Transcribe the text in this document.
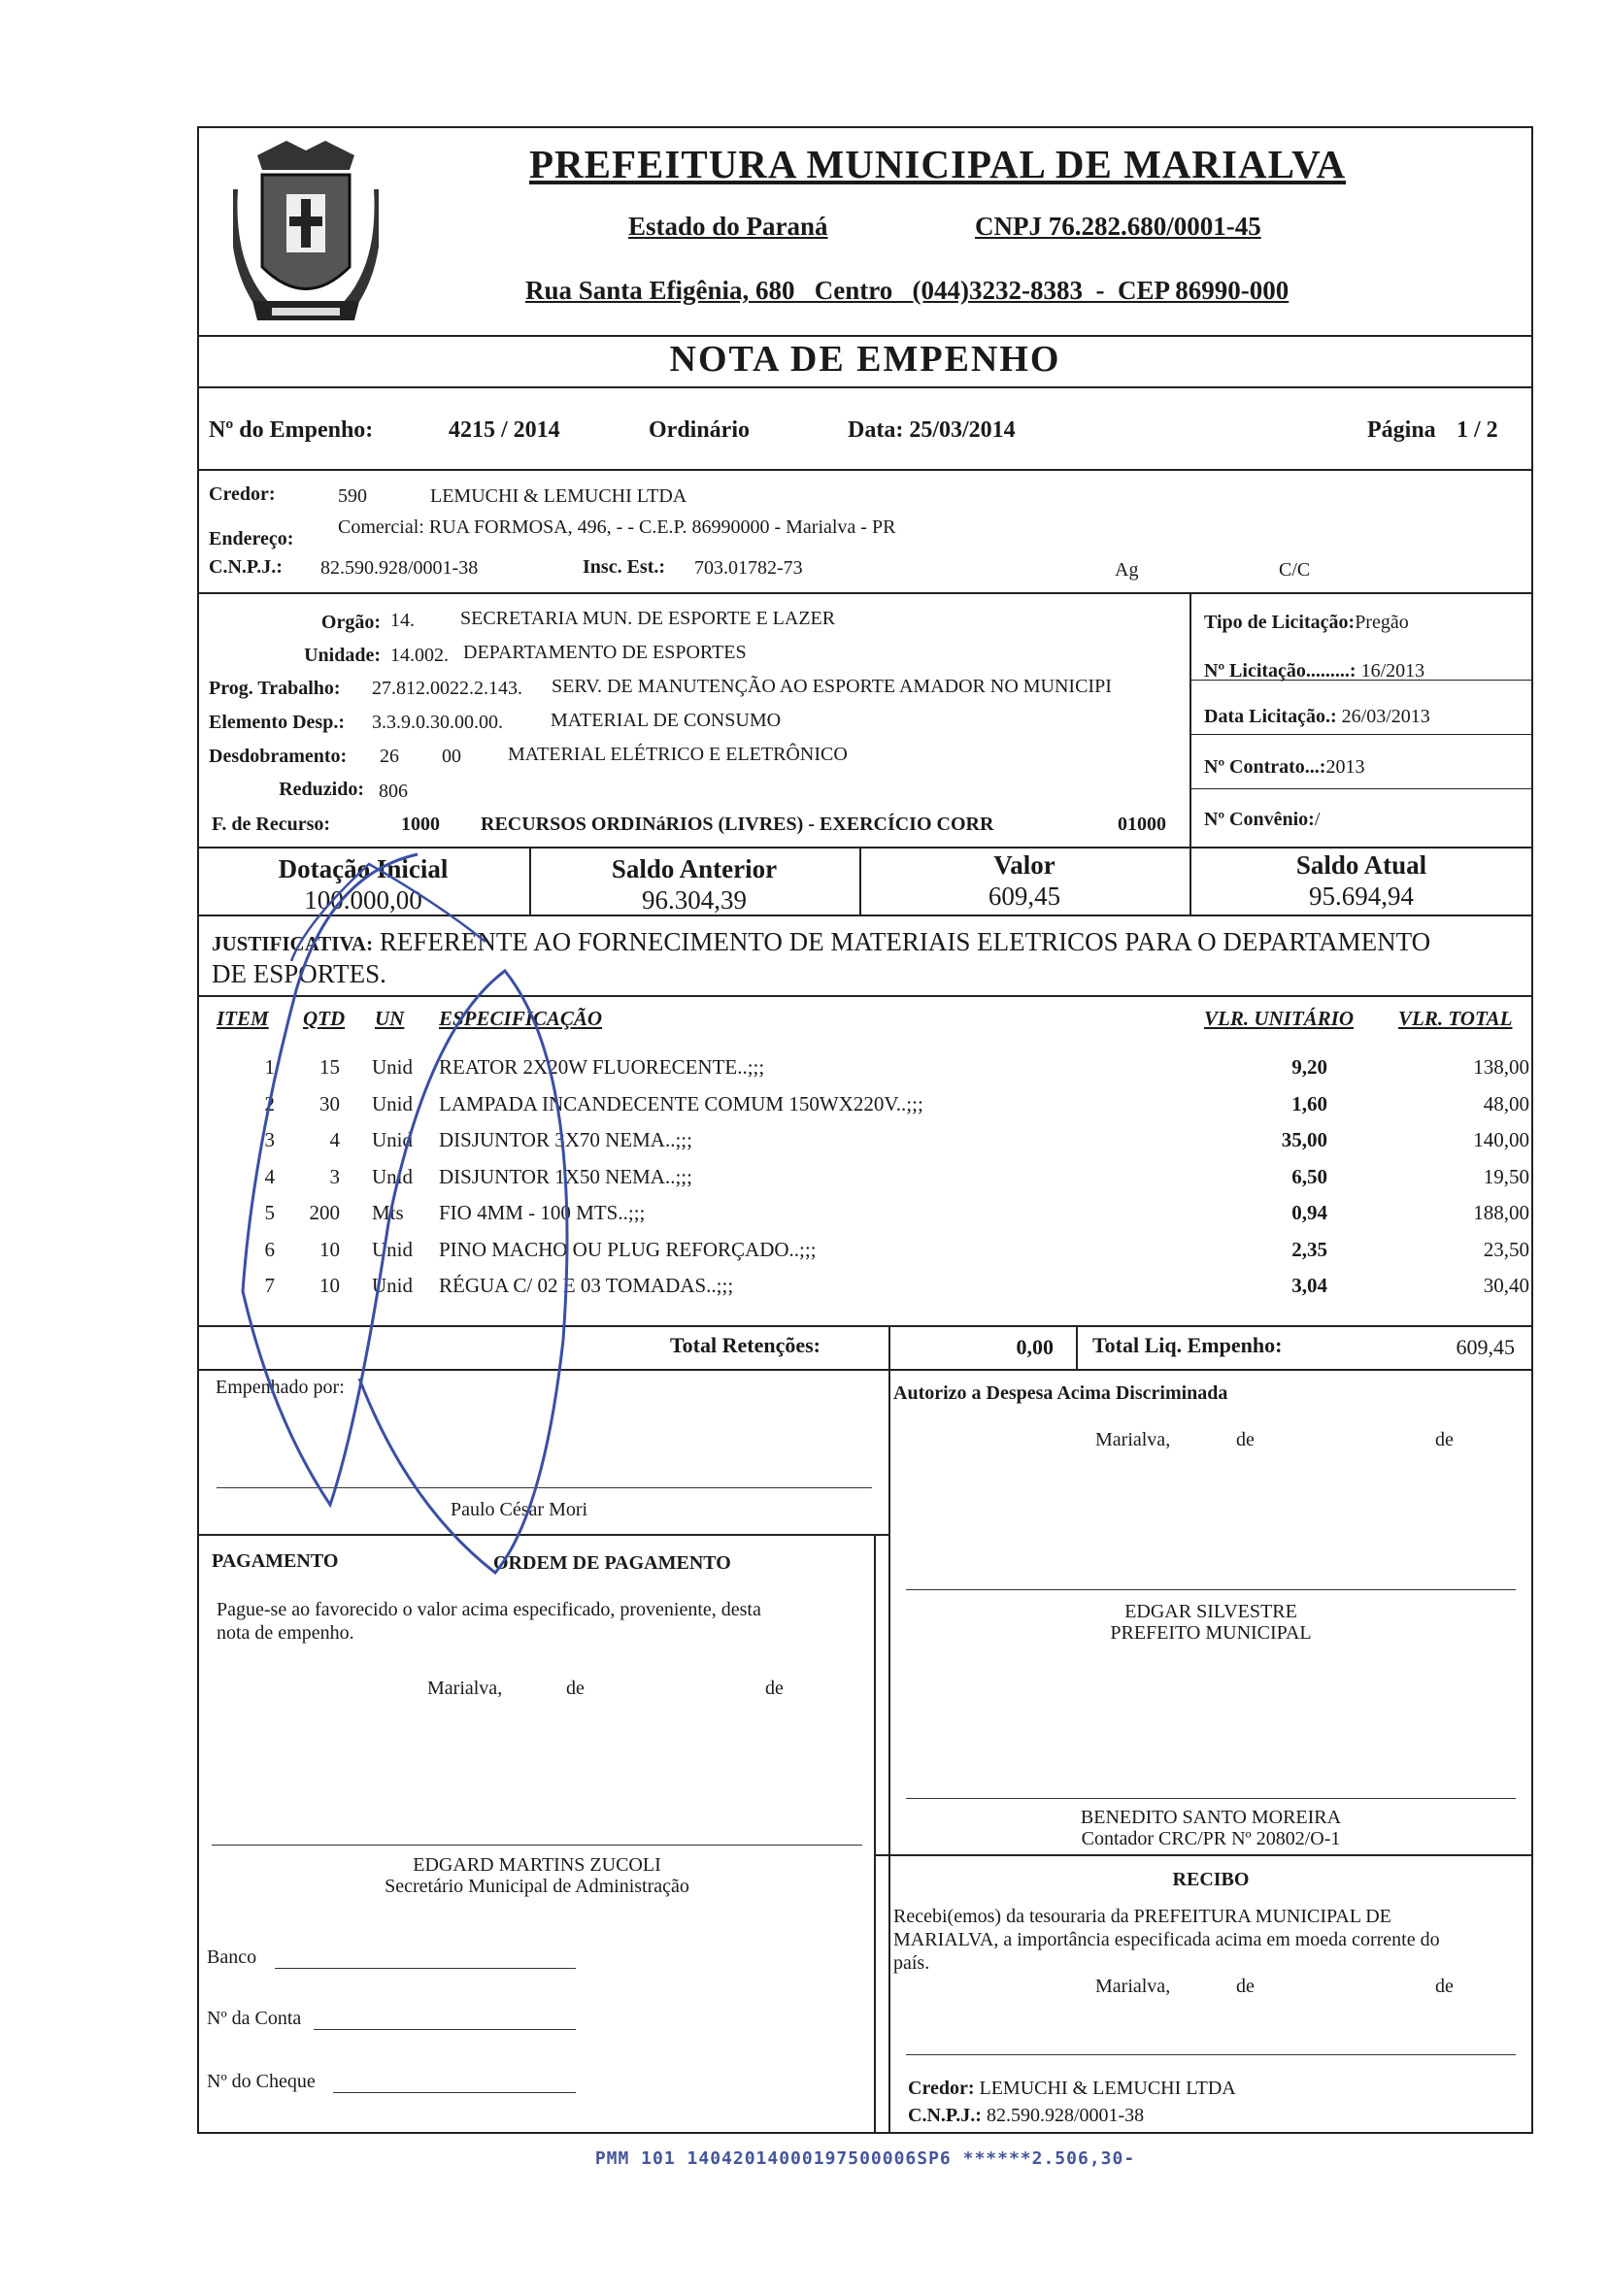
PREFEITURA MUNICIPAL DE MARIALVA
Estado do Paraná	CNPJ 76.282.680/0001-45
Rua Santa Efigênia, 680   Centro   (044)3232-8383  -  CEP 86990-000
NOTA DE EMPENHO
Nº do Empenho:	4215 / 2014	Ordinário	Data: 25/03/2014	Página 1 / 2
Credor:	590	LEMUCHI & LEMUCHI LTDA
Endereço:
Comercial: RUA FORMOSA, 496, - - C.E.P. 86990000 - Marialva - PR
C.N.P.J.: 82.590.928/0001-38	Insc. Est.: 703.01782-73	Ag	C/C
Orgão: 14. SECRETARIA MUN. DE ESPORTE E LAZER
Unidade: 14.002. DEPARTAMENTO DE ESPORTES
Prog. Trabalho: 27.812.0022.2.143. SERV. DE MANUTENÇÃO AO ESPORTE AMADOR NO MUNICIPI
Elemento Desp.: 3.3.9.0.30.00.00. MATERIAL DE CONSUMO
Desdobramento: 26 00 MATERIAL ELÉTRICO E ELETRÔNICO
Reduzido: 806
F. de Recurso:	1000 RECURSOS ORDINáRIOS (LIVRES) - EXERCÍCIO CORR	01000
Tipo de Licitação:Pregão
Nº Licitação.........: 16/2013
Data Licitação.: 26/03/2013
Nº Contrato...:2013
Nº Convênio:/
Dotação Inicial
100.000,00
Saldo Anterior
96.304,39
Valor
609,45
Saldo Atual
95.694,94
JUSTIFICATIVA: REFERENTE AO FORNECIMENTO DE MATERIAIS ELETRICOS PARA O DEPARTAMENTO
DE ESPORTES.
ITEM QTD UN ESPECIFICAÇÃO	VLR. UNITÁRIO VLR. TOTAL
1	15 Unid	REATOR 2X20W FLUORECENTE..;;;	9,20	138,00
2	30 Unid	LAMPADA INCANDECENTE COMUM 150WX220V..;;;	1,60	48,00
3	4 Unid	DISJUNTOR 3X70 NEMA..;;;	35,00	140,00
4	3 Unid	DISJUNTOR 1X50 NEMA..;;;	6,50	19,50
5	200 Mts	FIO 4MM - 100 MTS..;;;	0,94	188,00
6	10 Unid	PINO MACHO OU PLUG REFORÇADO..;;;	2,35	23,50
7	10 Unid	RÉGUA C/ 02 E 03 TOMADAS..;;;	3,04	30,40
Total Retenções:	0,00 Total Liq. Empenho:	609,45
Empenhado por:
Paulo César Mori
PAGAMENTO	ORDEM DE PAGAMENTO
Pague-se ao favorecido o valor acima especificado, proveniente, desta
nota de empenho.
Marialva,	de	de
EDGARD MARTINS ZUCOLI
Secretário Municipal de Administração
Banco
Nº da Conta
Nº do Cheque
Autorizo a Despesa Acima Discriminada
Marialva,	de	de
EDGAR SILVESTRE
PREFEITO MUNICIPAL
BENEDITO SANTO MOREIRA
Contador CRC/PR Nº 20802/O-1
RECIBO
Recebi(emos) da tesouraria da PREFEITURA MUNICIPAL DE
MARIALVA, a importância especificada acima em moeda corrente do
país.
Marialva,	de	de
Credor: LEMUCHI & LEMUCHI LTDA
C.N.P.J.: 82.590.928/0001-38
PMM 101 14042014000197500006SP6 ******2.506,30-
